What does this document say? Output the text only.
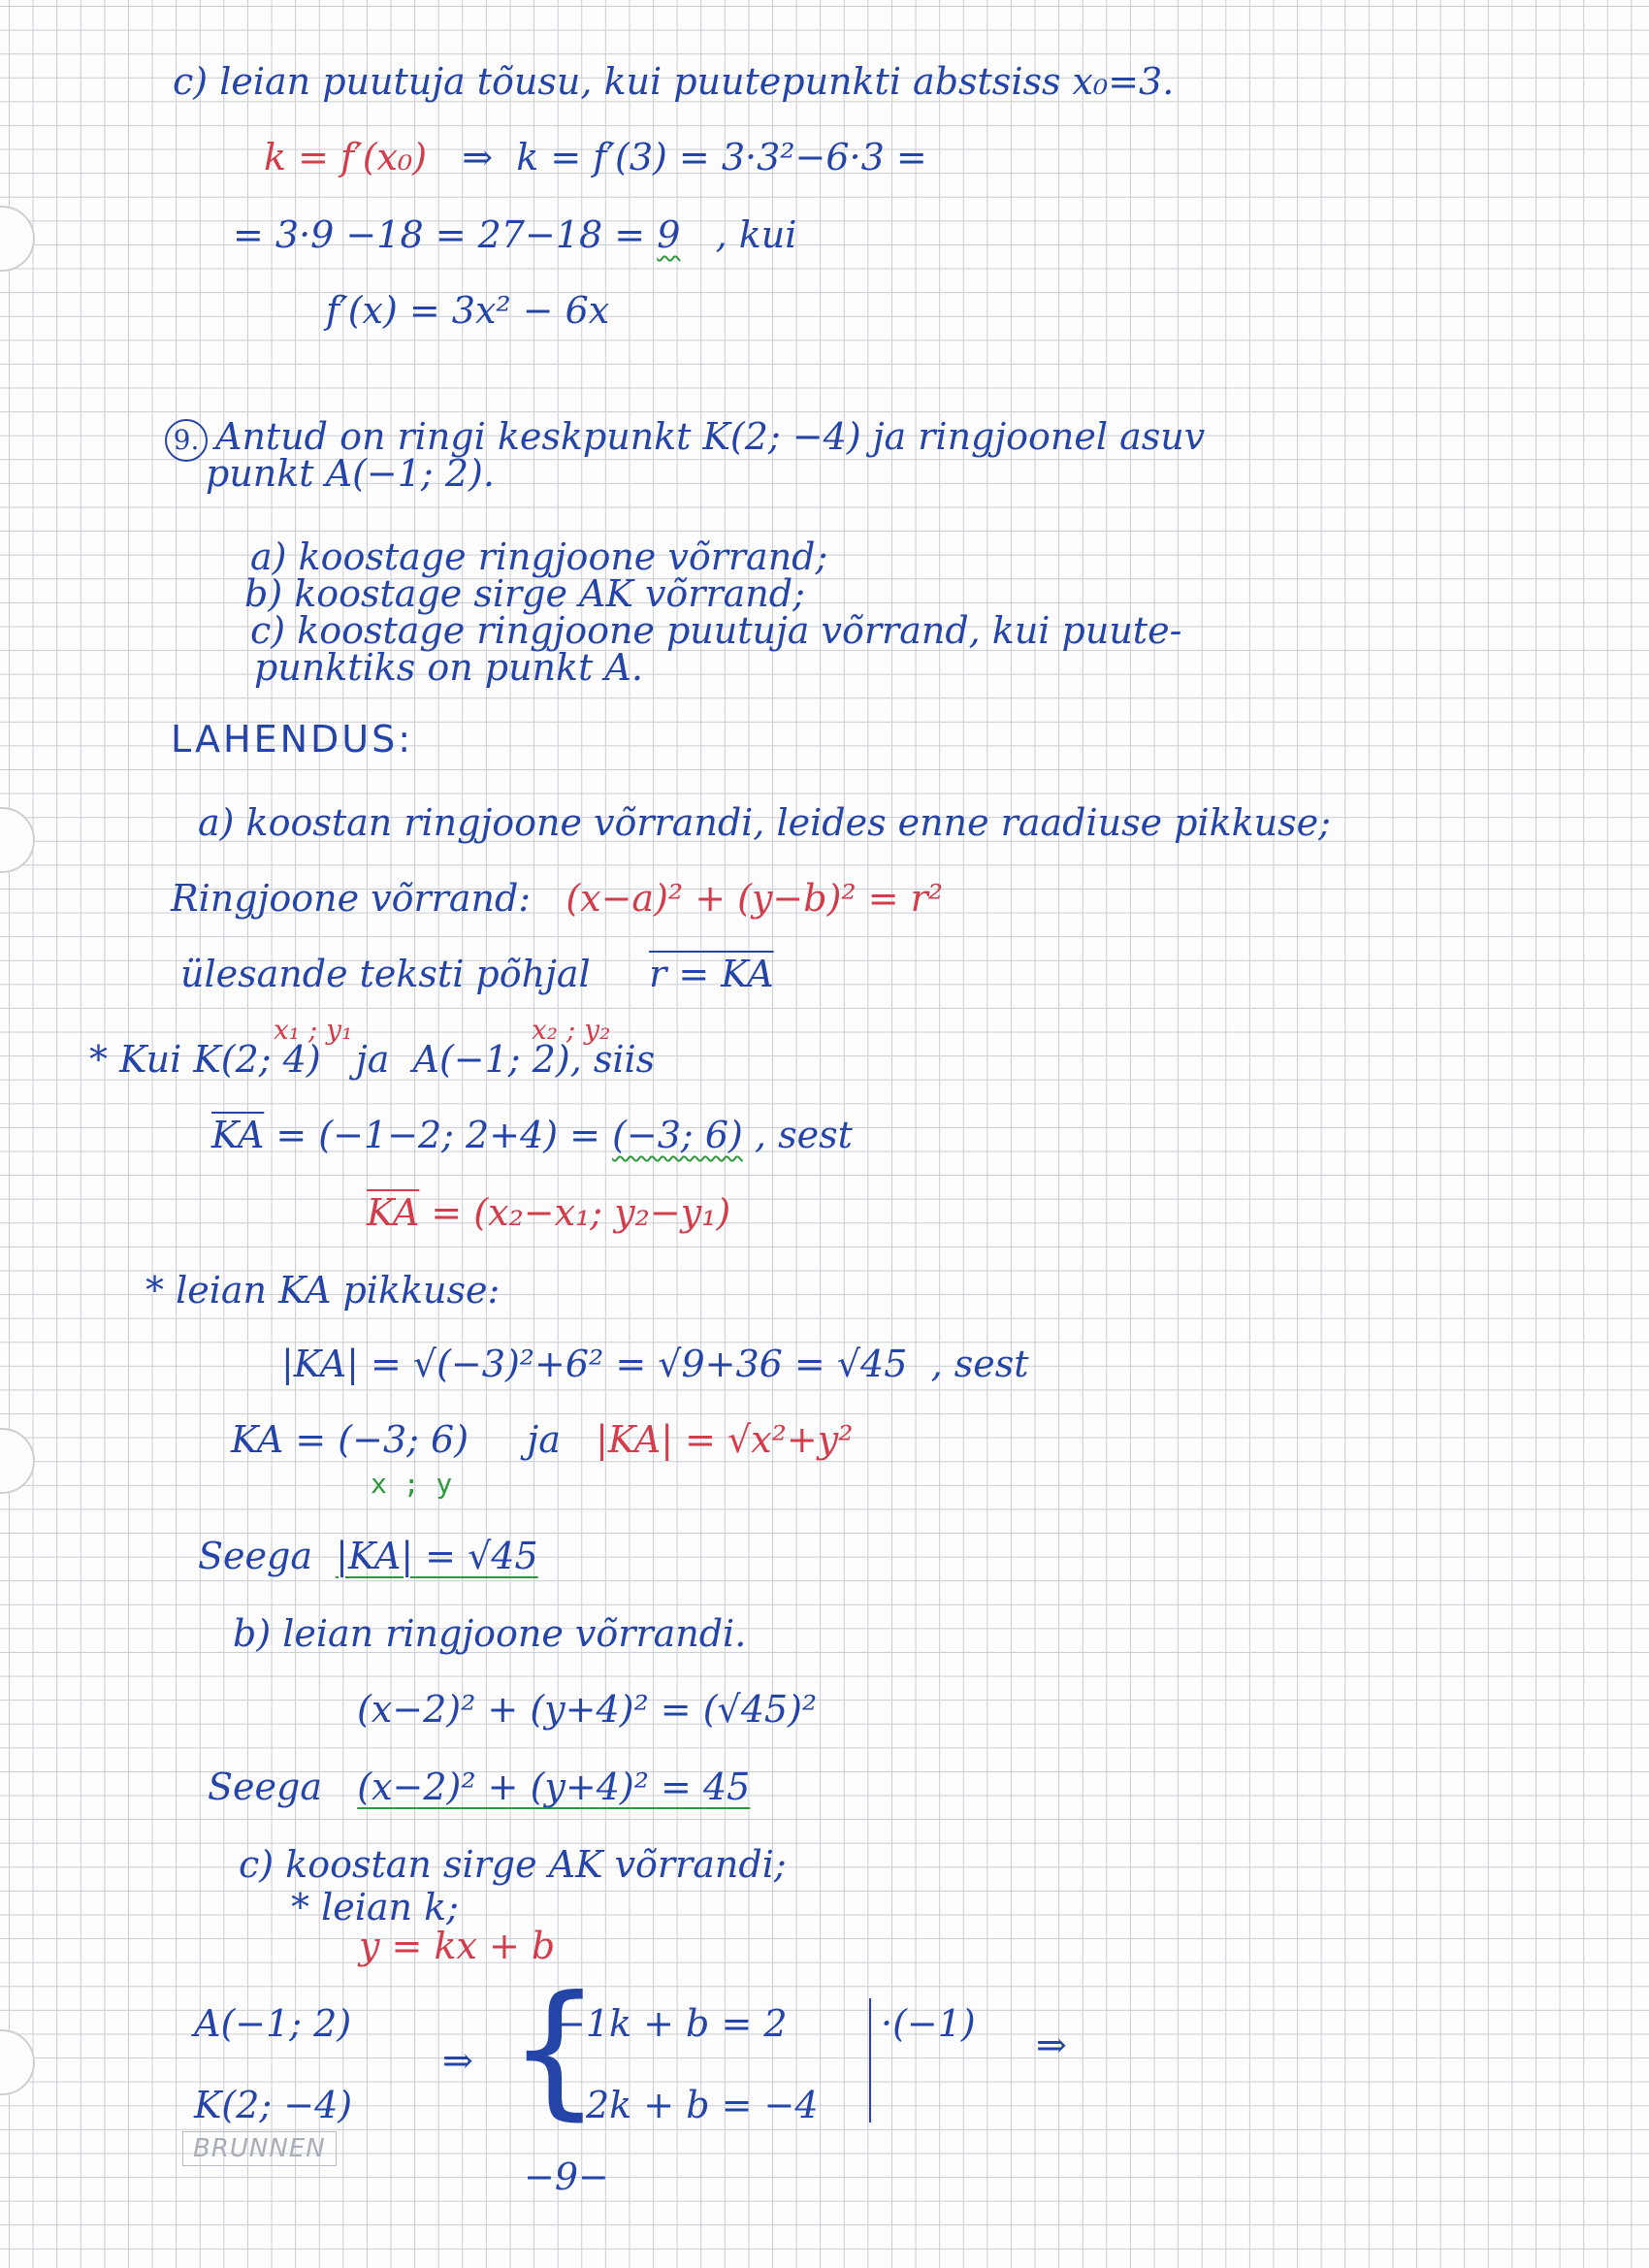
c) leian puutuja tõusu, kui puutepunkti abstsiss x₀=3.
k = f′(x₀) ⇒ k = f′(3) = 3·3²−6·3 =
= 3·9 −18 = 27−18 = 9 , kui
f′(x) = 3x² − 6x
9. Antud on ringi keskpunkt K(2; −4) ja ringjoonel asuv
punkt A(−1; 2).
a) koostage ringjoone võrrand;
b) koostage sirge AK võrrand;
c) koostage ringjoone puutuja võrrand, kui puute-
punktiks on punkt A.
LAHENDUS:
a) koostan ringjoone võrrandi, leides enne raadiuse pikkuse;
Ringjoone võrrand: (x−a)² + (y−b)² = r²
ülesande teksti põhjal r = KA
x₁ ; y₁	x₂ ; y₂
* Kui K(2; 4) ja A(−1; 2), siis
$\overline{KA} = (-1-2$; 2+4) = (−3; 6) , sest
$\overline{KA} = (x_2-x_1$; y₂−y₁)
* leian KA pikkuse:
|KA| = √(−3)²+6² = √9+36 = √45 , sest
KA = (−3; 6) ja |KA| = √x²+y²
x ; y
Seega |KA| = √45
b) leian ringjoone võrrandi.
(x−2)² + (y+4)² = (√45)²
Seega (x−2)² + (y+4)² = 45
c) koostan sirge AK võrrandi;
* leian k;
y = kx + b
A(−1; 2)
K(2; −4)
⇒ {
−1k + b = 2
2k + b = −4
·(−1) ⇒
BRUNNEN
−9−
